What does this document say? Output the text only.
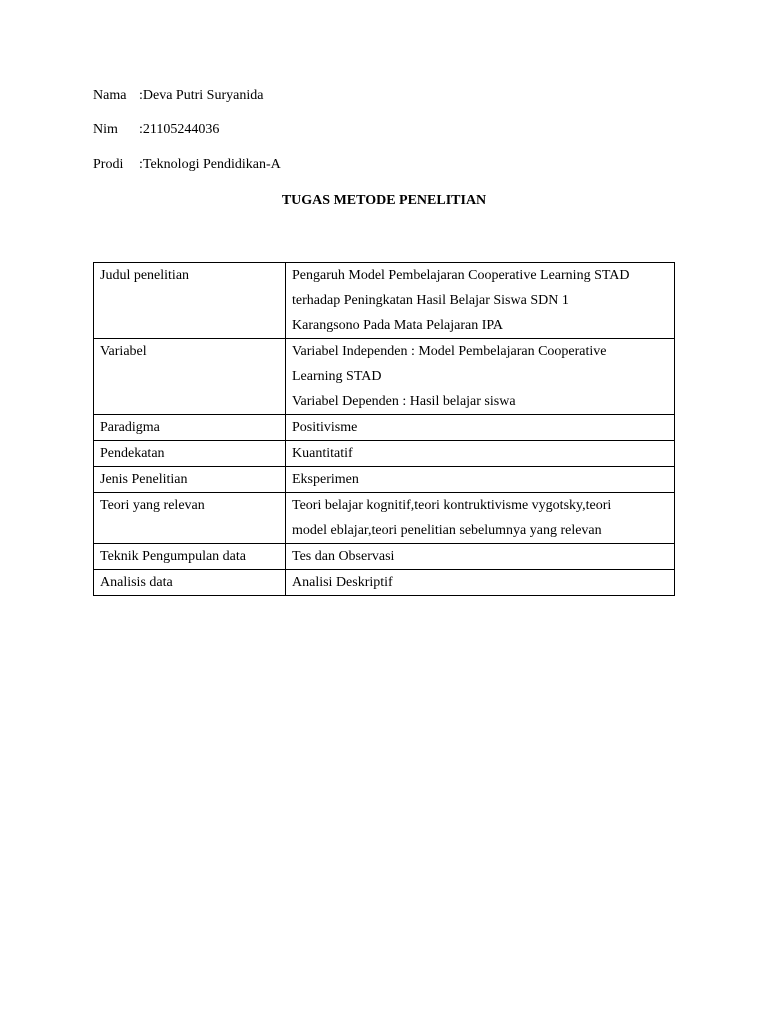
Nama :Deva Putri Suryanida
Nim :21105244036
Prodi :Teknologi Pendidikan-A
TUGAS METODE PENELITIAN
Judul penelitian	Pengaruh Model Pembelajaran Cooperative Learning STAD
terhadap Peningkatan Hasil Belajar Siswa SDN 1
Karangsono Pada Mata Pelajaran IPA

Variabel	Variabel Independen : Model Pembelajaran Cooperative
Learning STAD
Variabel Dependen : Hasil belajar siswa

Paradigma	Positivisme

Pendekatan	Kuantitatif

Jenis Penelitian	Eksperimen

Teori yang relevan	Teori belajar kognitif,teori kontruktivisme vygotsky,teori
model eblajar,teori penelitian sebelumnya yang relevan

Teknik Pengumpulan data	Tes dan Observasi

Analisis data	Analisi Deskriptif
